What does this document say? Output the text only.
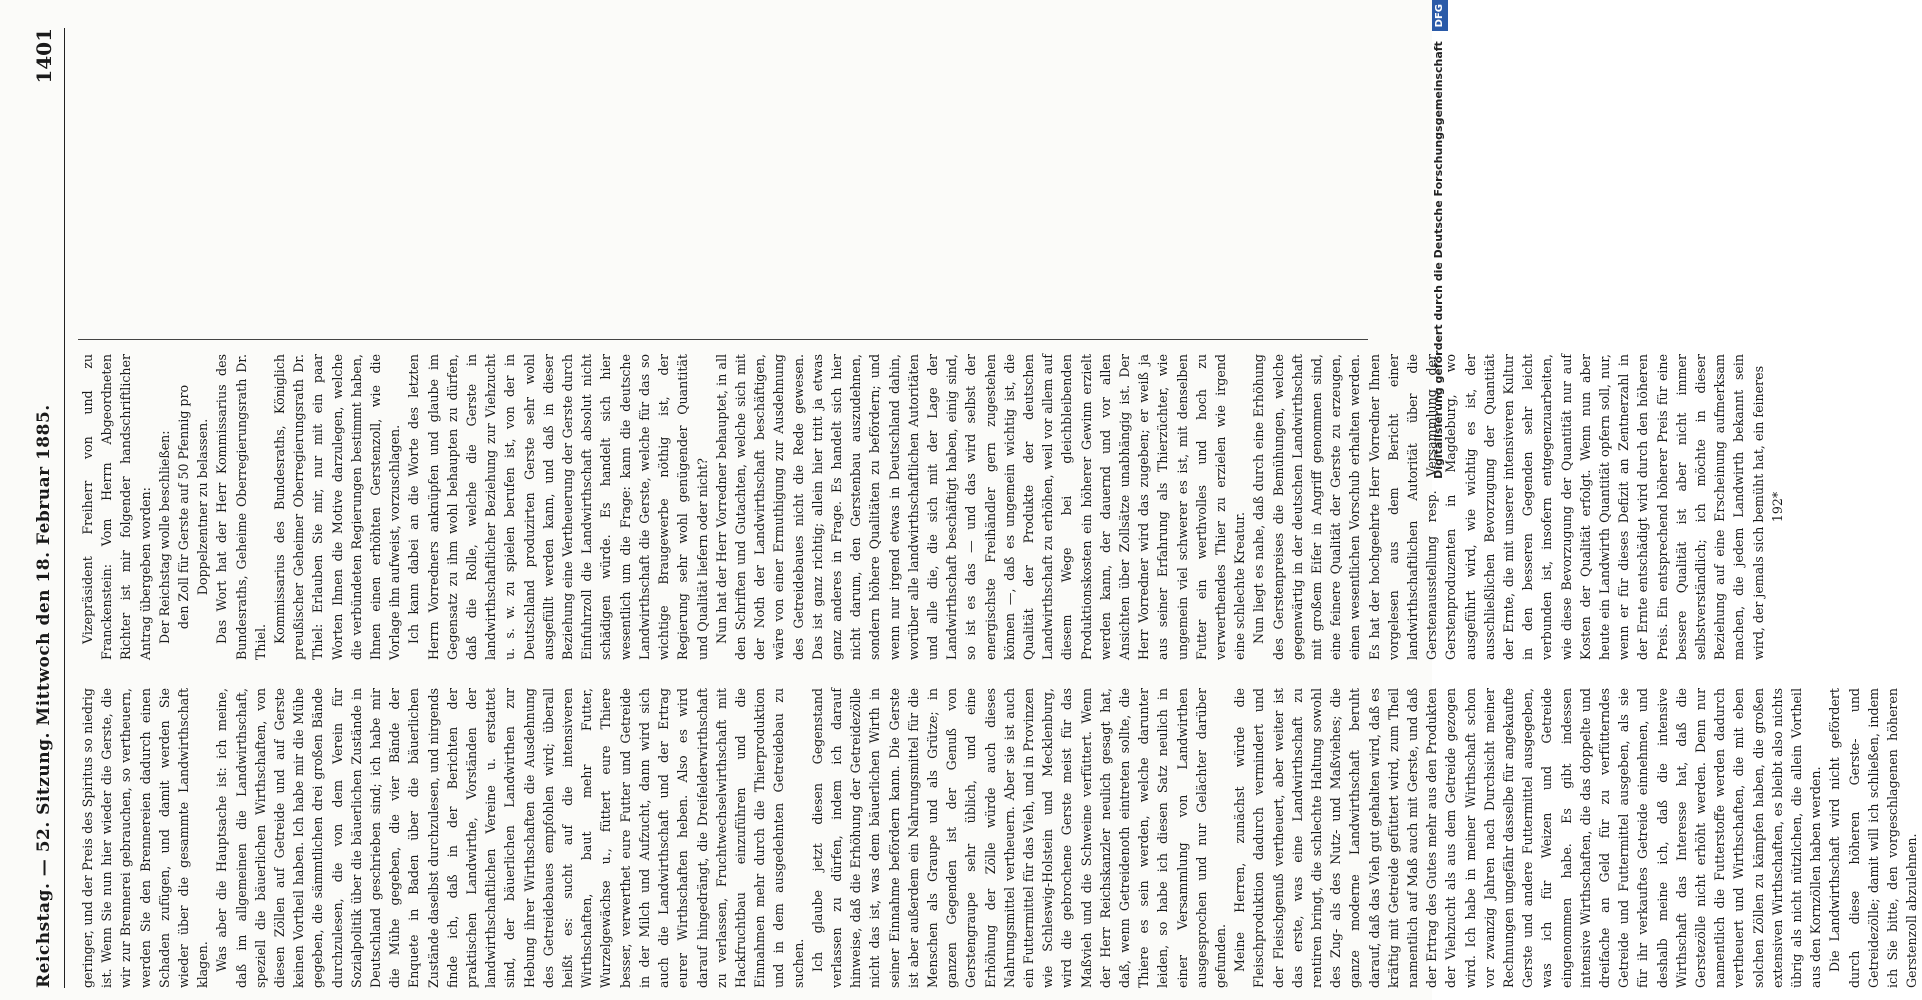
Reichstag. — 52. Sitzung. Mittwoch den 18. Februar 1885.
1401

geringer, und der Preis des Spiritus so niedrig ist. Wenn Sie nun hier wieder die Gerste, die wir zur Brennerei gebrauchen, so vertheuern, werden Sie den Brennereien dadurch einen Schaden zufügen, und damit werden Sie wieder über die gesammte Landwirthschaft klagen. Was aber die Hauptsache ist: ich meine, daß im allgemeinen die Landwirthschaft, speziell die bäuerlichen Wirthschaften, von diesen Zöllen auf Getreide und auf Gerste keinen Vortheil haben. Ich habe mir die Mühe gegeben, die sämmtlichen drei großen Bände durchzulesen, die von dem Verein für Sozialpolitik über die bäuerlichen Zustände in Deutschland geschrieben sind; ich habe mir die Mühe gegeben, die vier Bände der Enquete in Baden über die bäuerlichen Zustände daselbst durchzulesen, und nirgends finde ich, daß in der Berichten der praktischen Landwirthe, Vorständen der landwirthschaftlichen Vereine u. erstattet sind, der bäuerlichen Landwirthen zur Hebung ihrer Wirthschaften die Ausdehnung des Getreidebaues empfohlen wird; überall heißt es: sucht auf die intensiveren Wirthschaften, baut mehr Futter, Wurzelgewächse u., füttert eure Thiere besser, verwerthet eure Futter und Getreide in der Milch und Aufzucht, dann wird sich auch die Landwirthschaft und der Ertrag eurer Wirthschaften heben. Also es wird darauf hingedrängt, die Dreifelderwirthschaft zu verlassen, Fruchtwechselwirthschaft mit Hackfruchtbau einzuführen und die Einnahmen mehr durch die Thierproduktion und in dem ausgedehnten Getreidebau zu suchen. Ich glaube jetzt diesen Gegenstand verlassen zu dürfen, indem ich darauf hinweise, daß die Erhöhung der Getreidezölle nicht das ist, was dem bäuerlichen Wirth in seiner Einnahme befördern kann. Die Gerste ist aber außerdem ein Nahrungsmittel für die Menschen als Graupe und als Grütze; in ganzen Gegenden ist der Genuß von Gerstengraupe sehr üblich, und eine Erhöhung der Zölle würde auch dieses Nahrungsmittel vertheuern. Aber sie ist auch ein Futtermittel für das Vieh, und in Provinzen wie Schleswig-Holstein und Mecklenburg, wird die gebrochene Gerste meist für das Maßvieh und die Schweine verfüttert. Wenn der Herr Reichskanzler neulich gesagt hat, daß, wenn Getreidenoth eintreten sollte, die Thiere es sein werden, welche darunter leiden, so habe ich diesen Satz neulich in einer Versammlung von Landwirthen ausgesprochen und nur Gelächter darüber gefunden. Meine Herren, zunächst würde die Fleischproduktion dadurch vermindert und der Fleischgenuß vertheuert, aber weiter ist das erste, was eine Landwirthschaft zu rentiren bringt, die schlechte Haltung sowohl des Zug- als des Nutz- und Maßviehes; die ganze moderne Landwirthschaft beruht darauf, daß das Vieh gut gehalten wird, daß es kräftig mit Getreide gefüttert wird, zum Theil namentlich auf Maß auch mit Gerste, und daß der Ertrag des Gutes mehr aus den Produkten der Viehzucht als aus dem Getreide gezogen wird. Ich habe in meiner Wirthschaft schon vor zwanzig Jahren nach Durchsicht meiner Rechnungen ungefähr dasselbe für angekaufte Gerste und andere Futtermittel ausgegeben, was ich für Weizen und Getreide eingenommen habe. Es gibt indessen intensive Wirthschaften, die das doppelte und dreifache an Geld für zu verfütterndes Getreide und Futtermittel ausgeben, als sie für ihr verkauftes Getreide einnehmen, und deshalb meine ich, daß die intensive Wirthschaft das Interesse hat, daß die Gerstezölle nicht erhöht werden. Denn nur namentlich die Futterstoffe werden dadurch vertheuert und Wirthschaften, die mit eben solchen Zöllen zu kämpfen haben, die großen extensiven Wirthschaften, es bleibt also nichts übrig als nicht nützlichen, die allein Vortheil aus den Kornzöllen haben werden. Die Landwirthschaft wird nicht gefördert durch diese höheren Gerste- und Getreidezölle; damit will ich schließen, indem ich Sie bitte, den vorgeschlagenen höheren Gerstenzoll abzulehnen.

Vizepräsident Freiherr von und zu Franckenstein: Vom Herrn Abgeordneten Richter ist mir folgender handschriftlicher Antrag übergeben worden: Der Reichstag wolle beschließen: den Zoll für Gerste auf 50 Pfennig pro Doppelzentner zu belassen. Das Wort hat der Herr Kommissarius des Bundesraths, Geheime Oberregierungsrath Dr. Thiel. Kommissarius des Bundesraths, Königlich preußischer Geheimer Oberregierungsrath Dr. Thiel: Erlauben Sie mir, nur mit ein paar Worten Ihnen die Motive darzulegen, welche die verbündeten Regierungen bestimmt haben, Ihnen einen erhöhten Gerstenzoll, wie die Vorlage ihn aufweist, vorzuschlagen. Ich kann dabei an die Worte des letzten Herrn Vorredners anknüpfen und glaube im Gegensatz zu ihm wohl behaupten zu dürfen, daß die Rolle, welche die Gerste in landwirthschaftlicher Beziehung zur Viehzucht u. s. w. zu spielen berufen ist, von der in Deutschland produzirten Gerste sehr wohl ausgefüllt werden kann, und daß in dieser Beziehung eine Vertheuerung der Gerste durch Einfuhrzoll die Landwirthschaft absolut nicht schädigen würde. Es handelt sich hier wesentlich um die Frage: kann die deutsche Landwirthschaft die Gerste, welche für das so wichtige Braugewerbe nöthig ist, der Regierung sehr wohl genügender Quantität und Qualität liefern oder nicht? Nun hat der Herr Vorredner behauptet, in all den Schriften und Gutachten, welche sich mit der Noth der Landwirthschaft beschäftigen, wäre von einer Ermuthigung zur Ausdehnung des Getreidebaues nicht die Rede gewesen. Das ist ganz richtig; allein hier tritt ja etwas ganz anderes in Frage. Es handelt sich hier nicht darum, den Gerstenbau auszudehnen, sondern höhere Qualitäten zu befördern; und wenn nur irgend etwas in Deutschland dahin, worüber alle landwirthschaftlichen Autoritäten und alle die, die sich mit der Lage der Landwirthschaft beschäftigt haben, einig sind, so ist es das — und das wird selbst der energischste Freihändler gern zugestehen können —, daß es ungemein wichtig ist, die Qualität der Produkte der deutschen Landwirthschaft zu erhöhen, weil vor allem auf diesem Wege bei gleichbleibenden Produktionskosten ein höherer Gewinn erzielt werden kann, der dauernd und vor allen Ansichten über Zollsätze unabhängig ist. Der Herr Vorredner wird das zugeben; er weiß ja aus seiner Erfahrung als Thierzüchter, wie ungemein viel schwerer es ist, mit denselben Futter ein werthvolles und hoch zu verwerthendes Thier zu erzielen wie irgend eine schlechte Kreatur. Nun liegt es nahe, daß durch eine Erhöhung des Gerstenpreises die Bemühungen, welche gegenwärtig in der deutschen Landwirthschaft mit großem Eifer in Angriff genommen sind, eine feinere Qualität der Gerste zu erzeugen, einen wesentlichen Vorschub erhalten werden. Es hat der hochgeehrte Herr Vorredner Ihnen vorgelesen aus dem Bericht einer landwirthschaftlichen Autorität über die Gerstenausstellung resp. Versammlung der Gerstenproduzenten in Magdeburg, wo ausgeführt wird, wie wichtig es ist, der ausschließlichen Bevorzugung der Quantität der Ernte, die mit unserer intensiveren Kultur in den besseren Gegenden sehr leicht verbunden ist, insofern entgegenzuarbeiten, wie diese Bevorzugung der Quantität nur auf Kosten der Qualität erfolgt. Wenn nun aber heute ein Landwirth Quantität opfern soll, nur, wenn er für dieses Defizit an Zentnerzahl in der Ernte entschädigt wird durch den höheren Preis. Ein entsprechend höherer Preis für eine bessere Qualität ist aber nicht immer selbstverständlich; ich möchte in dieser Beziehung auf eine Erscheinung aufmerksam machen, die jedem Landwirth bekannt sein wird, der jemals sich bemüht hat, ein feineres 192*

Digitalisierung gefördert durch die Deutsche Forschungsgemeinschaft DFG
